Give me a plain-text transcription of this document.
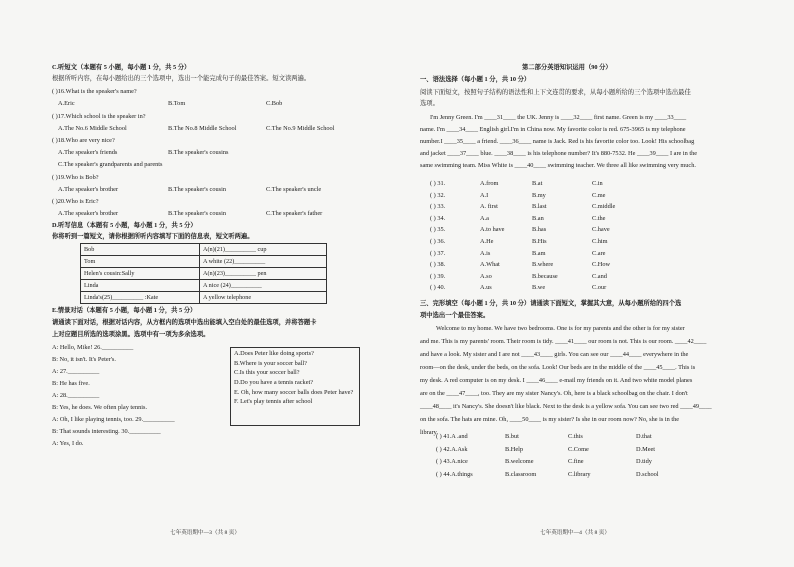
C.听短文（本题有 5 小题，每小题 1 分，共 5 分）
根据所听内容，在每小题给出的三个选项中，选出一个能完成句子的最佳答案。短文读两遍。
( )16.What is the speaker's name?
A.Eric	B.Tom	C.Bob
( )17.Which school is the speaker in?
A.The No.6 Middle School	B.The No.8 Middle School	C.The No.9 Middle School
( )18.Who are very nice?
A.The speaker's friends	B.The speaker's cousins
C.The speaker's grandparents and parents
( )19.Who is Bob?
A.The speaker's brother	B.The speaker's cousin	C.The speaker's uncle
( )20.Who is Eric?
A.The speaker's brother	B.The speaker's cousin	C.The speaker's father
D.听写信息（本题有 5 小题，每小题 1 分，共 5 分）
你将听到一篇短文，请你根据所听内容填写下面的信息表，短文听两遍。
Bob	A(n)(21)__________ cup
Tom	A white (22)__________
Helen's cousin:Sally	A(n)(23)__________ pen
Linda	A nice (24)__________
Linda's(25)__________ :Kate	A yellow telephone
E.情景对话（本题有 5 小题，每小题 1 分，共 5 分）
请通读下面对话，根据对话内容，从方框内的选项中选出能填入空白处的最佳选项，并将答题卡
上对应题目所选的选项涂黑。选项中有一项为多余选项。
A: Hello, Mike! 26.__________
B: No, it isn't. It's Peter's.
A: 27.__________
B: He has five.
A: 28.__________
B: Yes, he does. We often play tennis.
A: Oh, I like playing tennis, too. 29.__________
B: That sounds interesting. 30.__________
A: Yes, I do.
A.Does Peter like doing sports?
B.Where is your soccer ball?
C.Is this your soccer ball?
D.Do you have a tennis racket?
E. Oh, how many soccer balls does Peter have?
F. Let's play tennis after school
七年英语期中—3（共 8 页）
第二部分英语知识运用（90 分）
一、语法选择（每小题 1 分，共 10 分）
阅读下面短文，按照句子结构的语法性和上下文连贯的要求，从每小题所给的三个选项中选出最佳
选项。
I'm Jenny Green. I'm ____31____ the UK. Jenny is ____32____ first name. Green is my ____33____
name. I'm ____34____ English girl.I'm in China now. My favorite color is red. 675-3965 is my telephone
number.I ____35____ a friend. ____36____ name is Jack. Red is his favorite color too. Look! His schoolbag
and jacket ____37____ blue. ____38____ is his telephone number? It's 880-7532. He ____39____ I are in the
same swimming team. Miss White is ____40____ swimming teacher. We three all like swimming very much.
( ) 31.	A.from	B.at	C.in
( ) 32.	A.I	B.my	C.me
( ) 33.	A. first	B.last	C.middle
( ) 34.	A.a	B.an	C.the
( ) 35.	A.to have	B.has	C.have
( ) 36.	A.He	B.His	C.him
( ) 37.	A.is	B.am	C.are
( ) 38.	A.What	B.where	C.How
( ) 39.	A.so	B.because	C.and
( ) 40.	A.us	B.we	C.our
三、完形填空（每小题 1 分，共 10 分）请通读下面短文，掌握其大意，从每小题所给的四个选
项中选出一个最佳答案。
Welcome to my home. We have two bedrooms. One is for my parents and the other is for my sister
and me. This is my parents' room. Their room is tidy. ____41____ our room is not. This is our room. ____42____
and have a look. My sister and I are not ____43____ girls. You can see our ____44____ everywhere in the
room—on the desk, under the beds, on the sofa. Look! Our beds are in the middle of the ____45____. This is
my desk. A red computer is on my desk. I ____46____ e-mail my friends on it. And two white model planes
are on the ____47____, too. They are my sister Nancy's. Oh, here is a black schoolbag on the chair. I don't
____48____ it's Nancy's. She doesn't like black. Next to the desk is a yellow sofa. You can see two red ____49____
on the sofa. The hats are mine. Oh, ____50____ is my sister? Is she in our room now? No, she is in the
library.
( ) 41.A .and	B.but	C.this	D.that
( ) 42.A.Ask	B.Help	C.Come	D.Meet
( ) 43.A.nice	B.welcome	C.fine	D.tidy
( ) 44.A.things	B.classroom	C.library	D.school
七年英语期中—4（共 8 页）
